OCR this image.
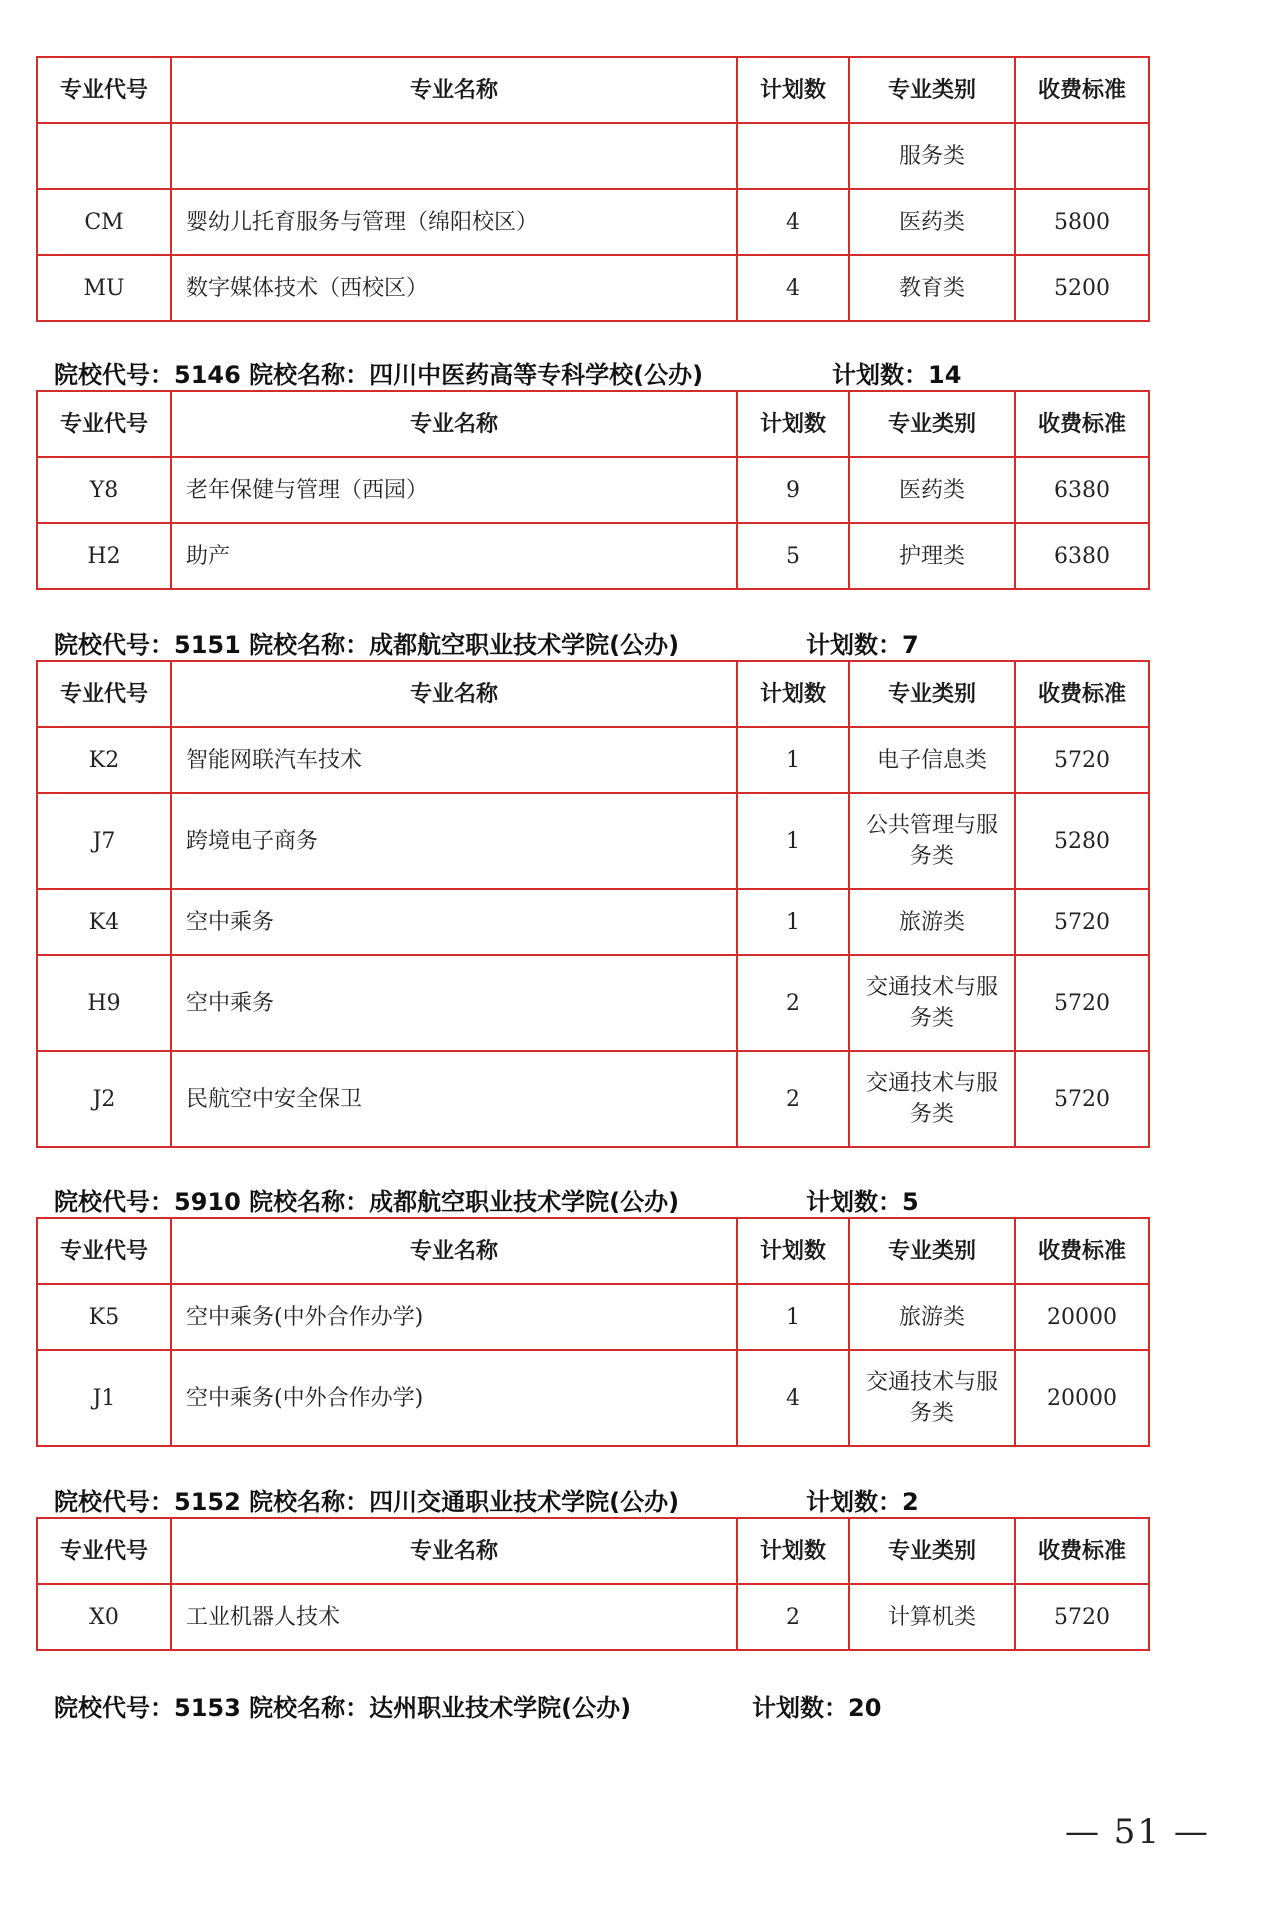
专业代号	专业名称	计划数	专业类别	收费标准
			服务类	
CM	婴幼儿托育服务与管理（绵阳校区）	4	医药类	5800
MU	数字媒体技术（西校区）	4	教育类	5200
院校代号：5146 院校名称：四川中医药高等专科学校(公办)	计划数：14
专业代号	专业名称	计划数	专业类别	收费标准
Y8	老年保健与管理（西园）	9	医药类	6380
H2	助产	5	护理类	6380
院校代号：5151 院校名称：成都航空职业技术学院(公办)	计划数：7
专业代号	专业名称	计划数	专业类别	收费标准
K2	智能网联汽车技术	1	电子信息类	5720
J7	跨境电子商务	1	公共管理与服务类	5280
K4	空中乘务	1	旅游类	5720
H9	空中乘务	2	交通技术与服务类	5720
J2	民航空中安全保卫	2	交通技术与服务类	5720
院校代号：5910 院校名称：成都航空职业技术学院(公办)	计划数：5
专业代号	专业名称	计划数	专业类别	收费标准
K5	空中乘务(中外合作办学)	1	旅游类	20000
J1	空中乘务(中外合作办学)	4	交通技术与服务类	20000
院校代号：5152 院校名称：四川交通职业技术学院(公办)	计划数：2
专业代号	专业名称	计划数	专业类别	收费标准
X0	工业机器人技术	2	计算机类	5720
院校代号：5153 院校名称：达州职业技术学院(公办)	计划数：20
— 51 —
